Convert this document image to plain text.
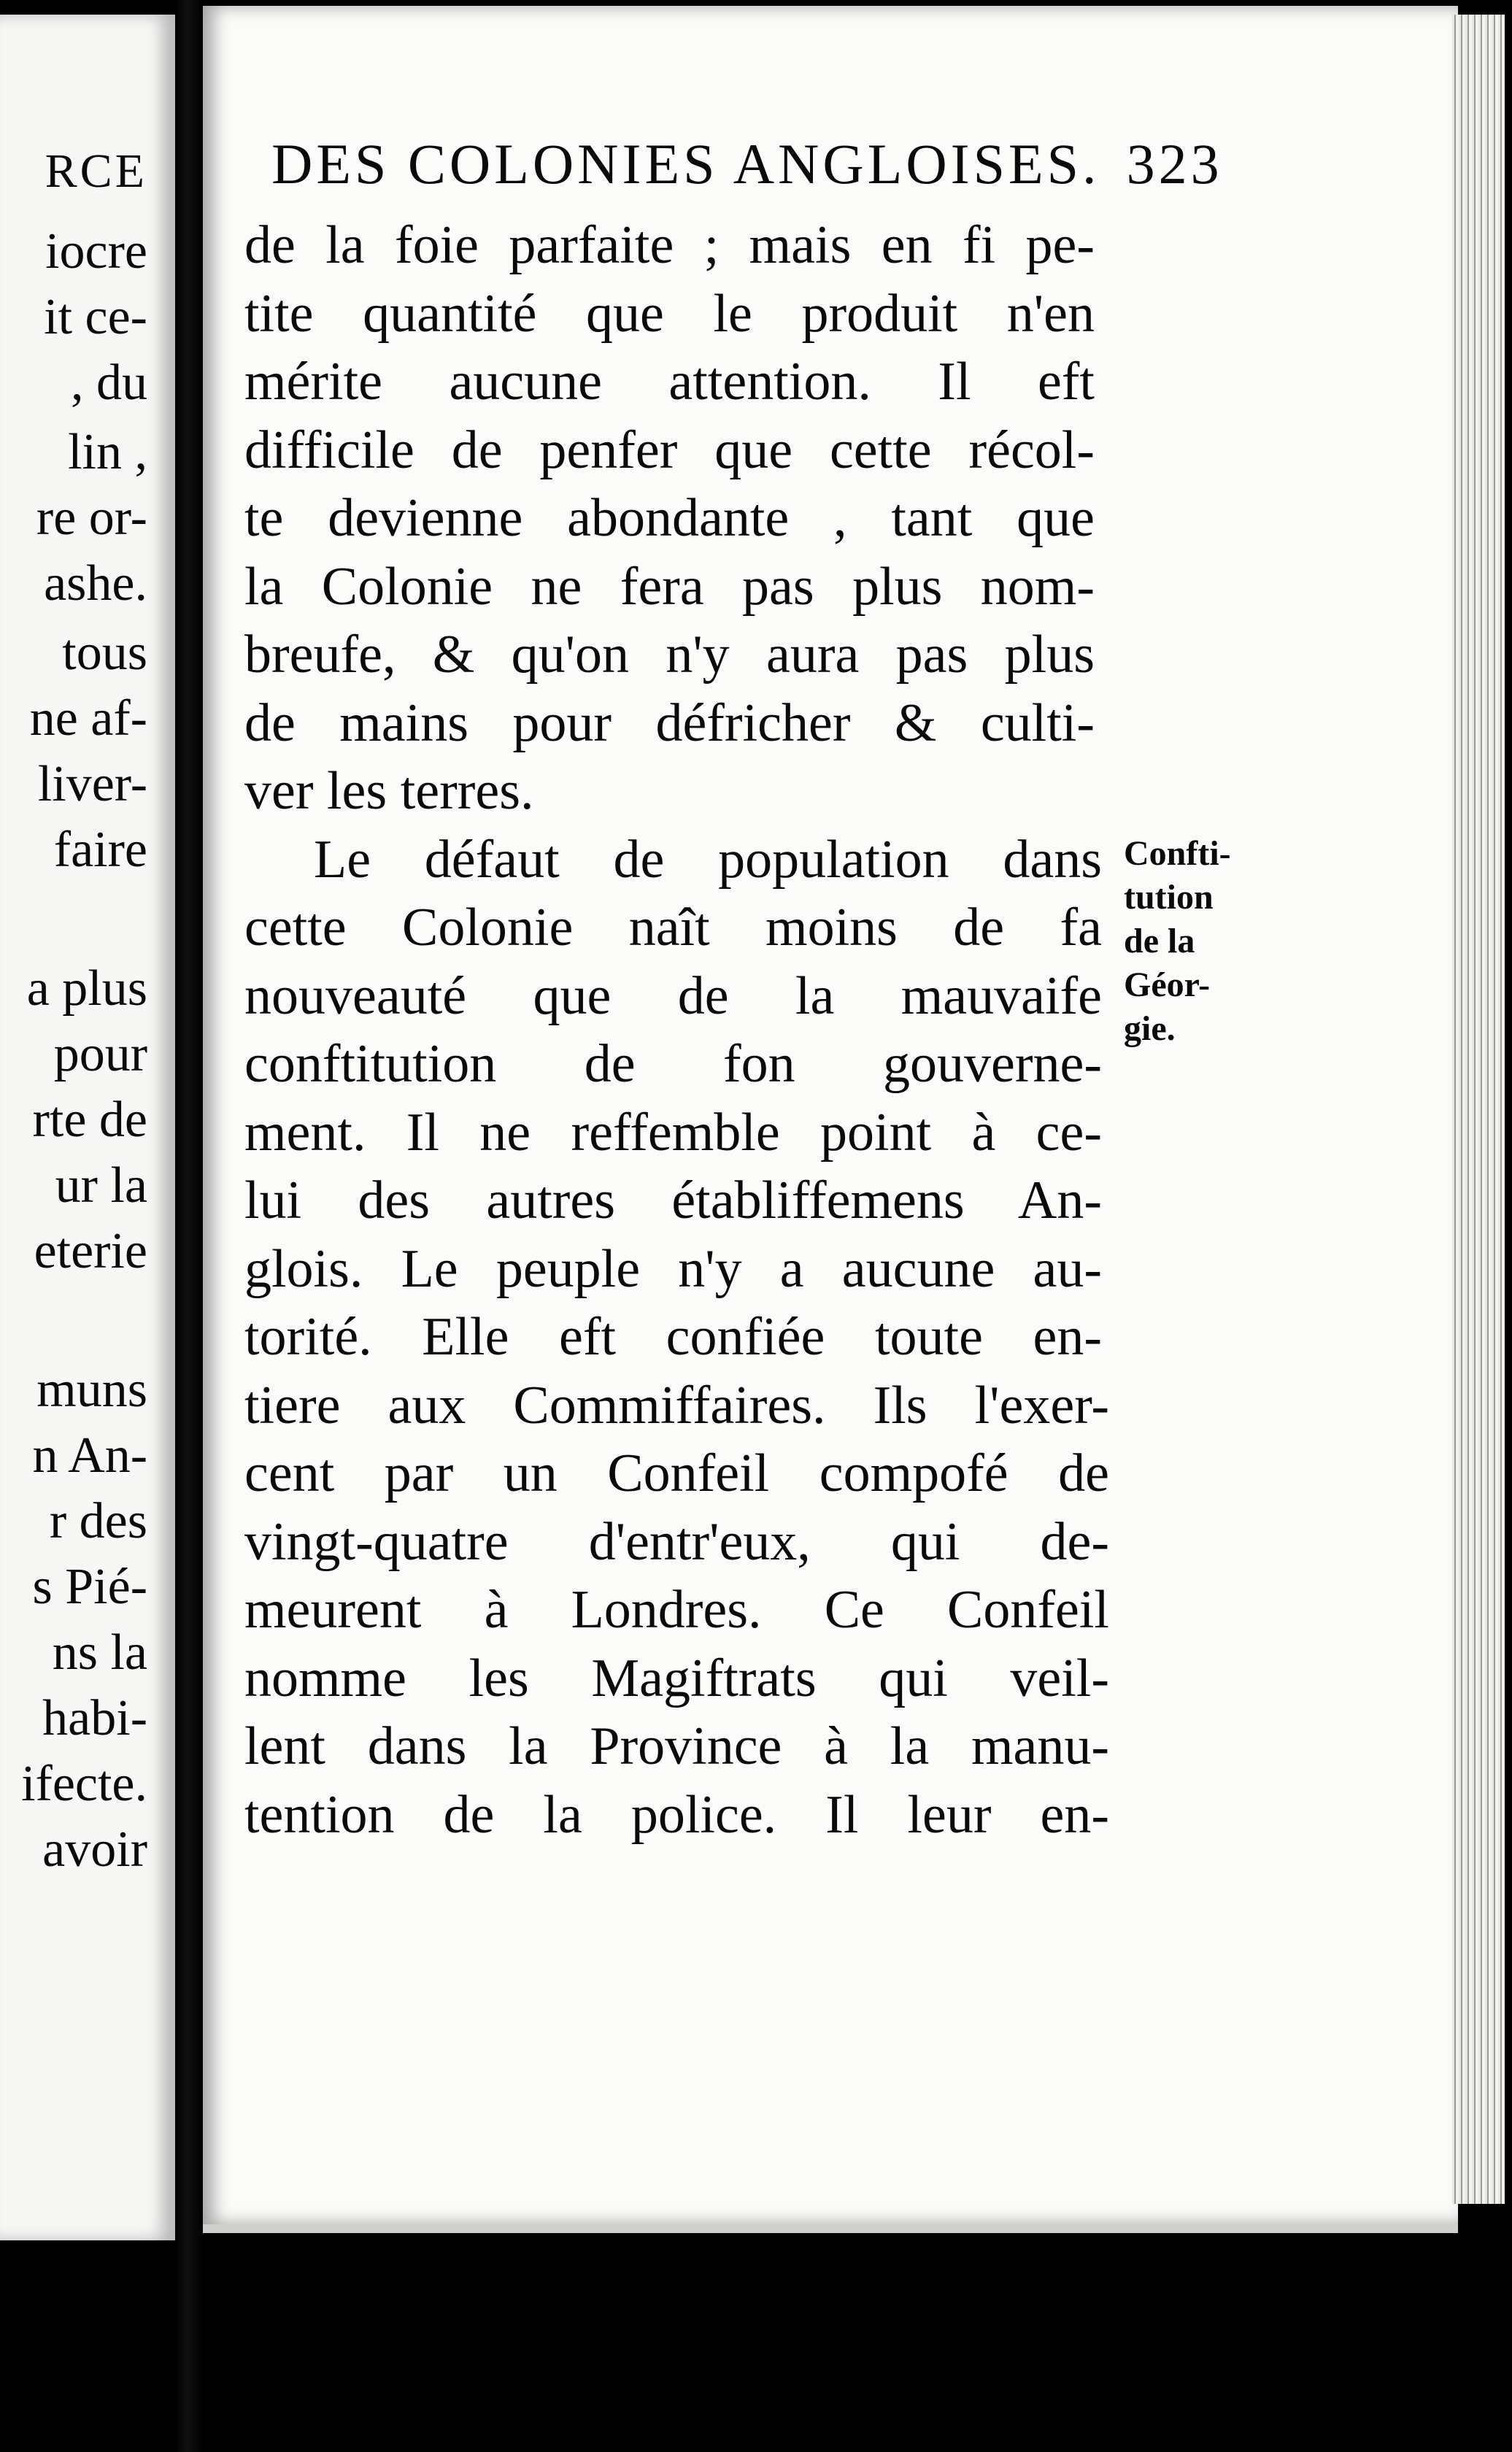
RCE
iocre
it ce-
, du
lin ,
re or-
ashe.
tous
ne af-
liver-
faire
a plus
pour
rte de
ur la
eterie
muns
n An-
r des
s Pié-
ns la
habi-
ifecte.
avoir
DES COLONIES ANGLOISES. 323
de la foie parfaite ; mais en fi pe-
tite quantité que le produit n'en
mérite aucune attention. Il eft
difficile de penfer que cette récol-
te devienne abondante , tant que
la Colonie ne fera pas plus nom-
breufe, & qu'on n'y aura pas plus
de mains pour défricher & culti-
ver les terres.
Le défaut de population dans
cette Colonie naît moins de fa
nouveauté que de la mauvaife
conftitution de fon gouverne-
ment. Il ne reffemble point à ce-
lui des autres établiffemens An-
glois. Le peuple n'y a aucune au-
torité. Elle eft confiée toute en-
tiere aux Commiffaires. Ils l'exer-
cent par un Confeil compofé de
vingt-quatre d'entr'eux, qui de-
meurent à Londres. Ce Confeil
nomme les Magiftrats qui veil-
lent dans la Province à la manu-
tention de la police. Il leur en-
Confti-
tution
de la
Géor-
gie.
